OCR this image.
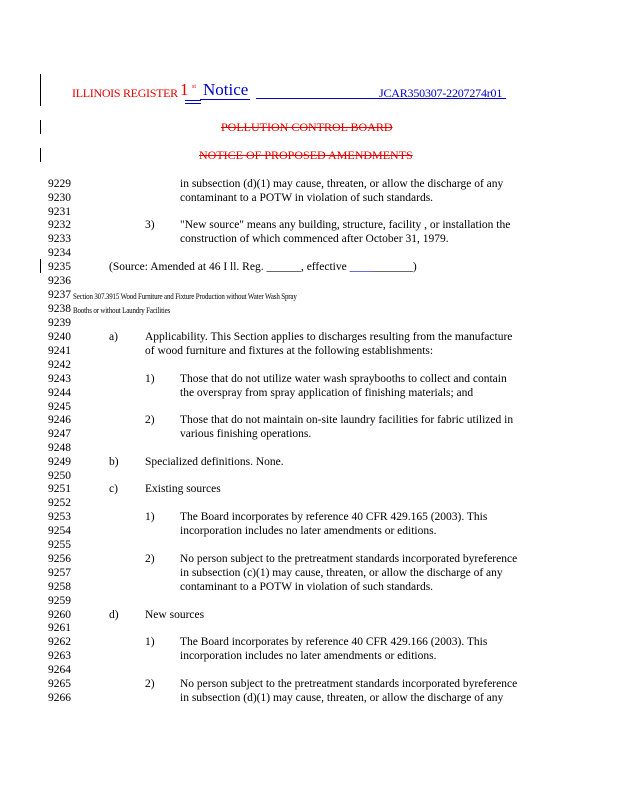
ILLINOIS REGISTER 1 st Notice	JCAR350307-2207274r01
POLLUTION CONTROL BOARD
NOTICE OF PROPOSED AMENDMENTS
9229	in subsection (d)(1) may cause, threaten, or allow the discharge of any
9230	contaminant to a POTW in violation of such standards.
9231
9232	3) "New source" means any building, structure, facility , or installation the
9233	construction of which commenced after October 31, 1979.
9234
9235	(Source: Amended at 46 I ll. Reg. ______, effective ___________)
9236
9237 Section 307.3915 Wood Furniture and Fixture Production without Water Wash Spray
9238 Booths or without Laundry Facilities
9239
9240	a) Applicability. This Section applies to discharges resulting from the manufacture
9241	of wood furniture and fixtures at the following establishments:
9242
9243	1) Those that do not utilize water wash spraybooths to collect and contain
9244	the overspray from spray application of finishing materials; and
9245
9246	2) Those that do not maintain on-site laundry facilities for fabric utilized in
9247	various finishing operations.
9248
9249	b) Specialized definitions. None.
9250
9251	c) Existing sources
9252
9253	1) The Board incorporates by reference 40 CFR 429.165 (2003). This
9254	incorporation includes no later amendments or editions.
9255
9256	2) No person subject to the pretreatment standards incorporated byreference
9257	in subsection (c)(1) may cause, threaten, or allow the discharge of any
9258	contaminant to a POTW in violation of such standards.
9259
9260	d) New sources
9261
9262	1) The Board incorporates by reference 40 CFR 429.166 (2003). This
9263	incorporation includes no later amendments or editions.
9264
9265	2) No person subject to the pretreatment standards incorporated byreference
9266	in subsection (d)(1) may cause, threaten, or allow the discharge of any
